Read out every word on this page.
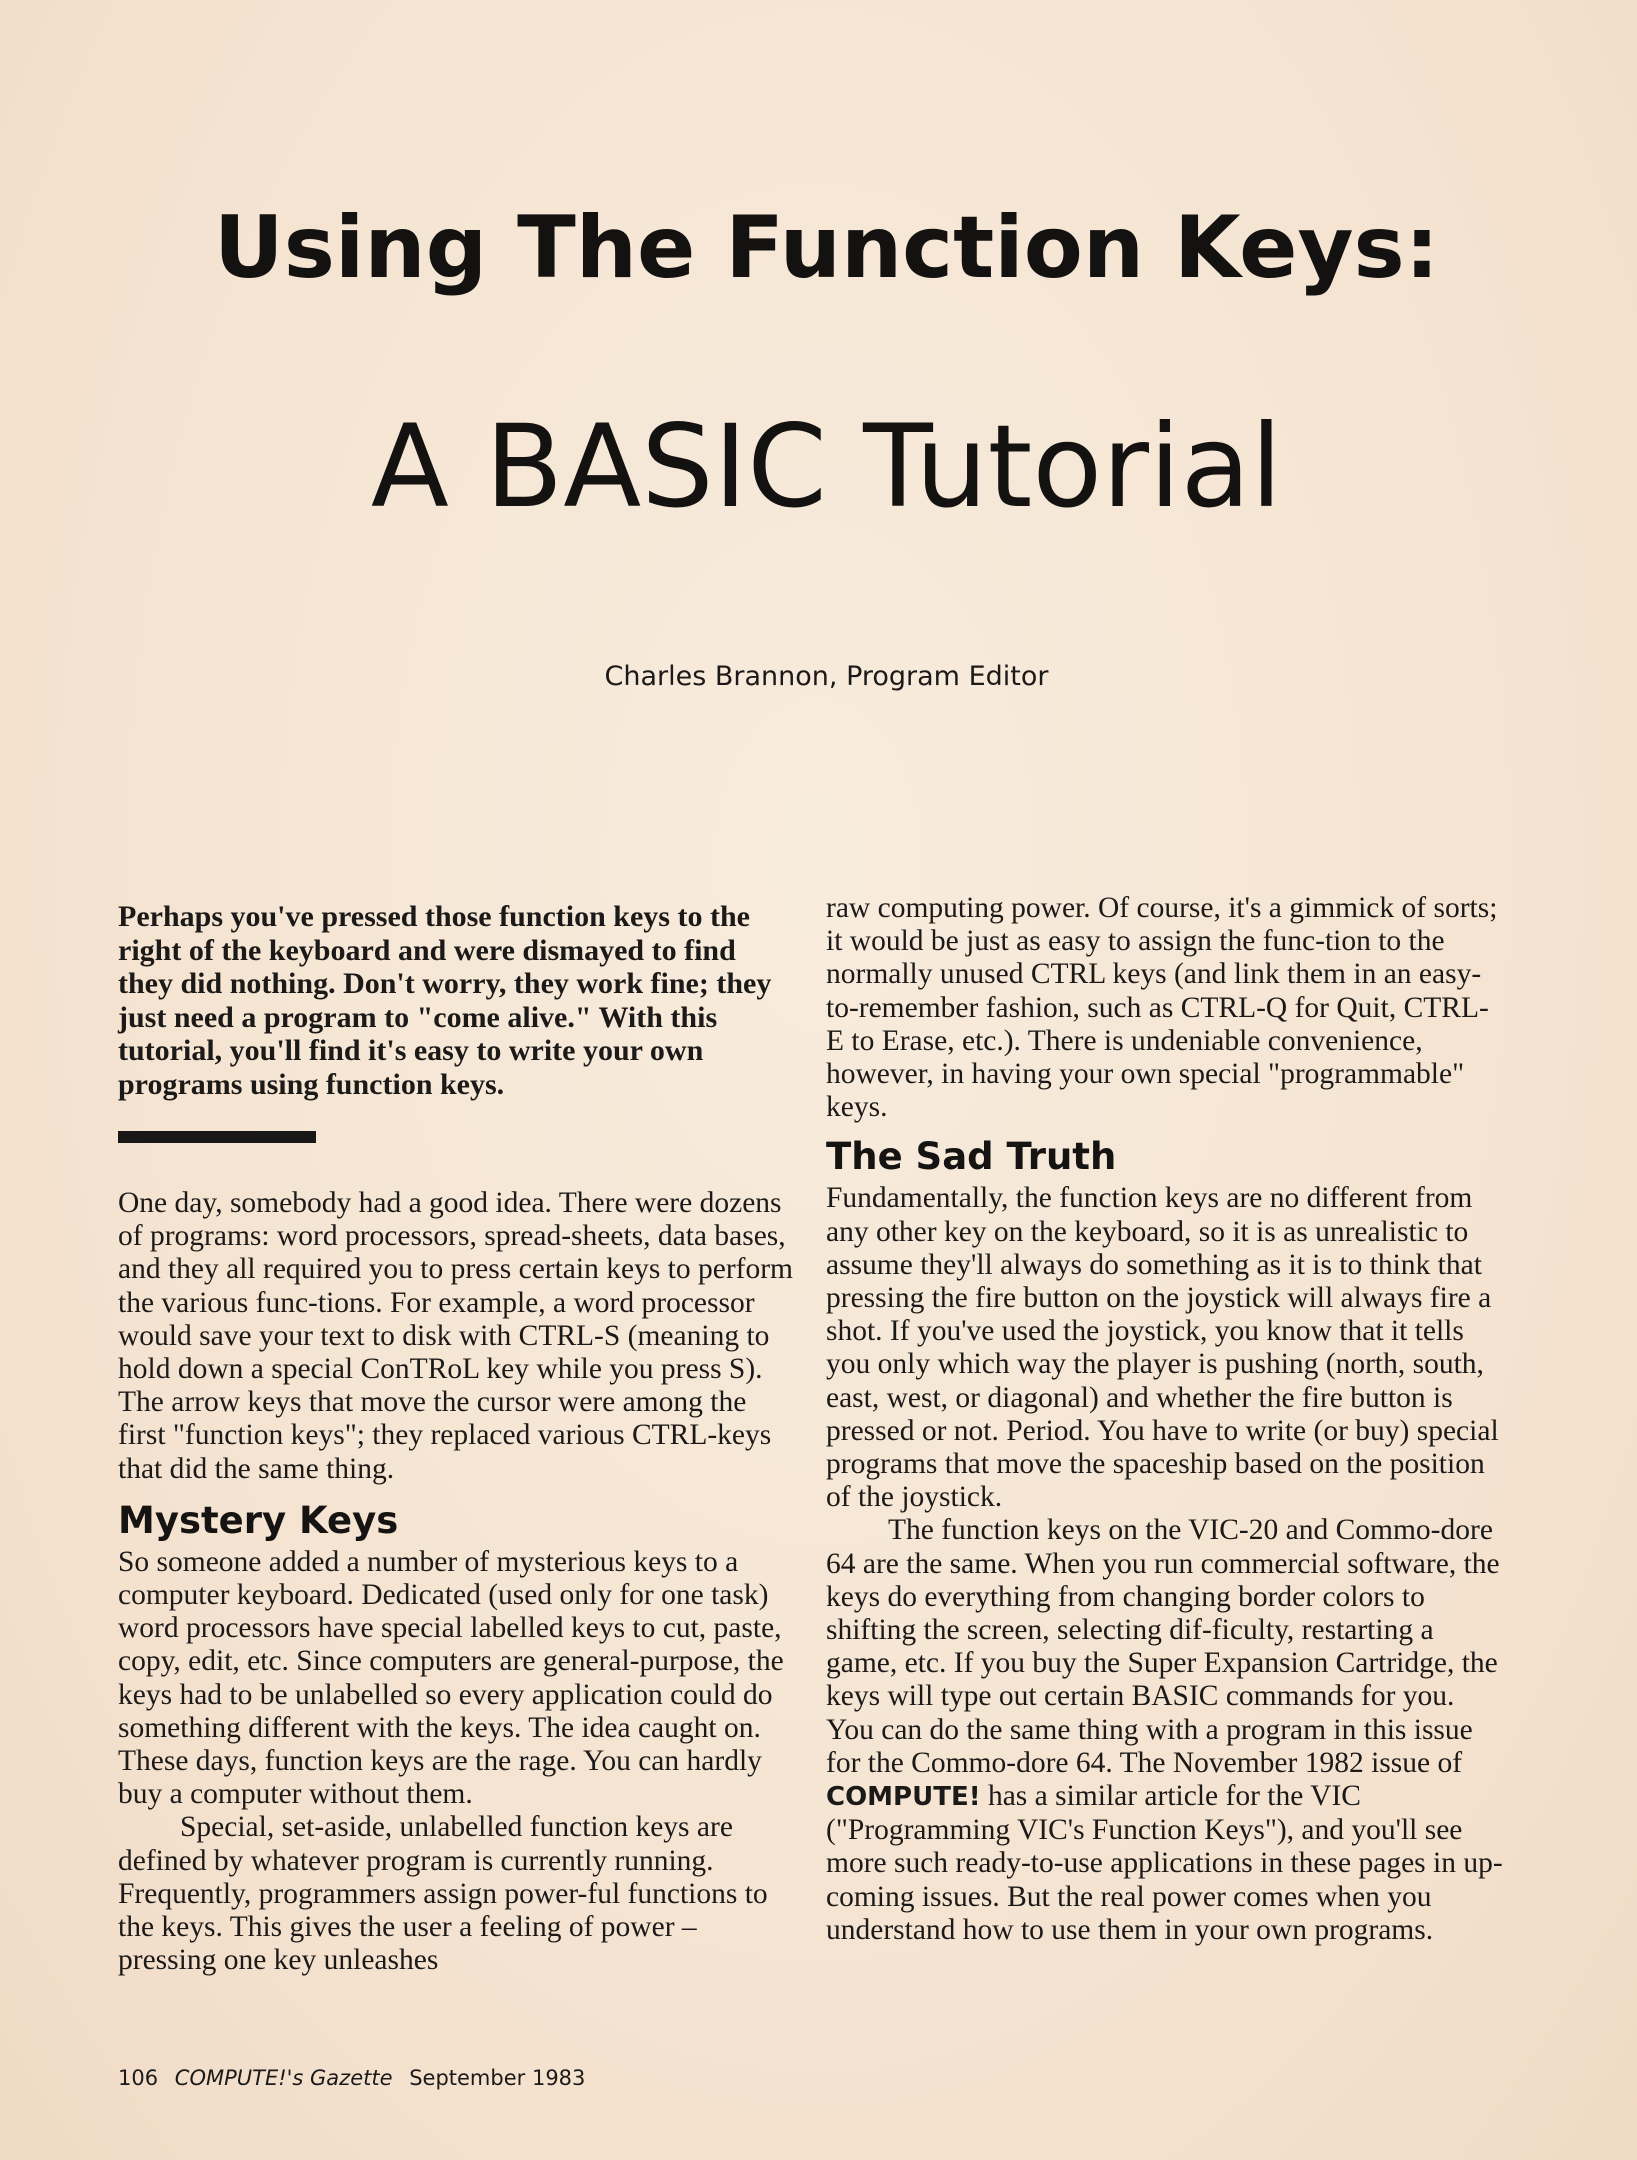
Using The Function Keys:
A BASIC Tutorial

Charles Brannon, Program Editor

Perhaps you've pressed those function keys to the right of the keyboard and were dismayed to find they did nothing. Don't worry, they work fine; they just need a program to "come alive." With this tutorial, you'll find it's easy to write your own programs using function keys.

One day, somebody had a good idea. There were dozens of programs: word processors, spread-sheets, data bases, and they all required you to press certain keys to perform the various func-tions. For example, a word processor would save your text to disk with CTRL-S (meaning to hold down a special ConTRoL key while you press S). The arrow keys that move the cursor were among the first "function keys"; they replaced various CTRL-keys that did the same thing.

Mystery Keys

So someone added a number of mysterious keys to a computer keyboard. Dedicated (used only for one task) word processors have special labelled keys to cut, paste, copy, edit, etc. Since computers are general-purpose, the keys had to be unlabelled so every application could do something different with the keys. The idea caught on. These days, function keys are the rage. You can hardly buy a computer without them.

Special, set-aside, unlabelled function keys are defined by whatever program is currently running. Frequently, programmers assign power-ful functions to the keys. This gives the user a feeling of power – pressing one key unleashes

raw computing power. Of course, it's a gimmick of sorts; it would be just as easy to assign the func-tion to the normally unused CTRL keys (and link them in an easy-to-remember fashion, such as CTRL-Q for Quit, CTRL-E to Erase, etc.). There is undeniable convenience, however, in having your own special "programmable" keys.

The Sad Truth

Fundamentally, the function keys are no different from any other key on the keyboard, so it is as unrealistic to assume they'll always do something as it is to think that pressing the fire button on the joystick will always fire a shot. If you've used the joystick, you know that it tells you only which way the player is pushing (north, south, east, west, or diagonal) and whether the fire button is pressed or not. Period. You have to write (or buy) special programs that move the spaceship based on the position of the joystick.

The function keys on the VIC-20 and Commo-dore 64 are the same. When you run commercial software, the keys do everything from changing border colors to shifting the screen, selecting dif-ficulty, restarting a game, etc. If you buy the Super Expansion Cartridge, the keys will type out certain BASIC commands for you. You can do the same thing with a program in this issue for the Commo-dore 64. The November 1982 issue of COMPUTE! has a similar article for the VIC ("Programming VIC's Function Keys"), and you'll see more such ready-to-use applications in these pages in up-coming issues. But the real power comes when you understand how to use them in your own programs.

106 COMPUTE!'s Gazette September 1983
